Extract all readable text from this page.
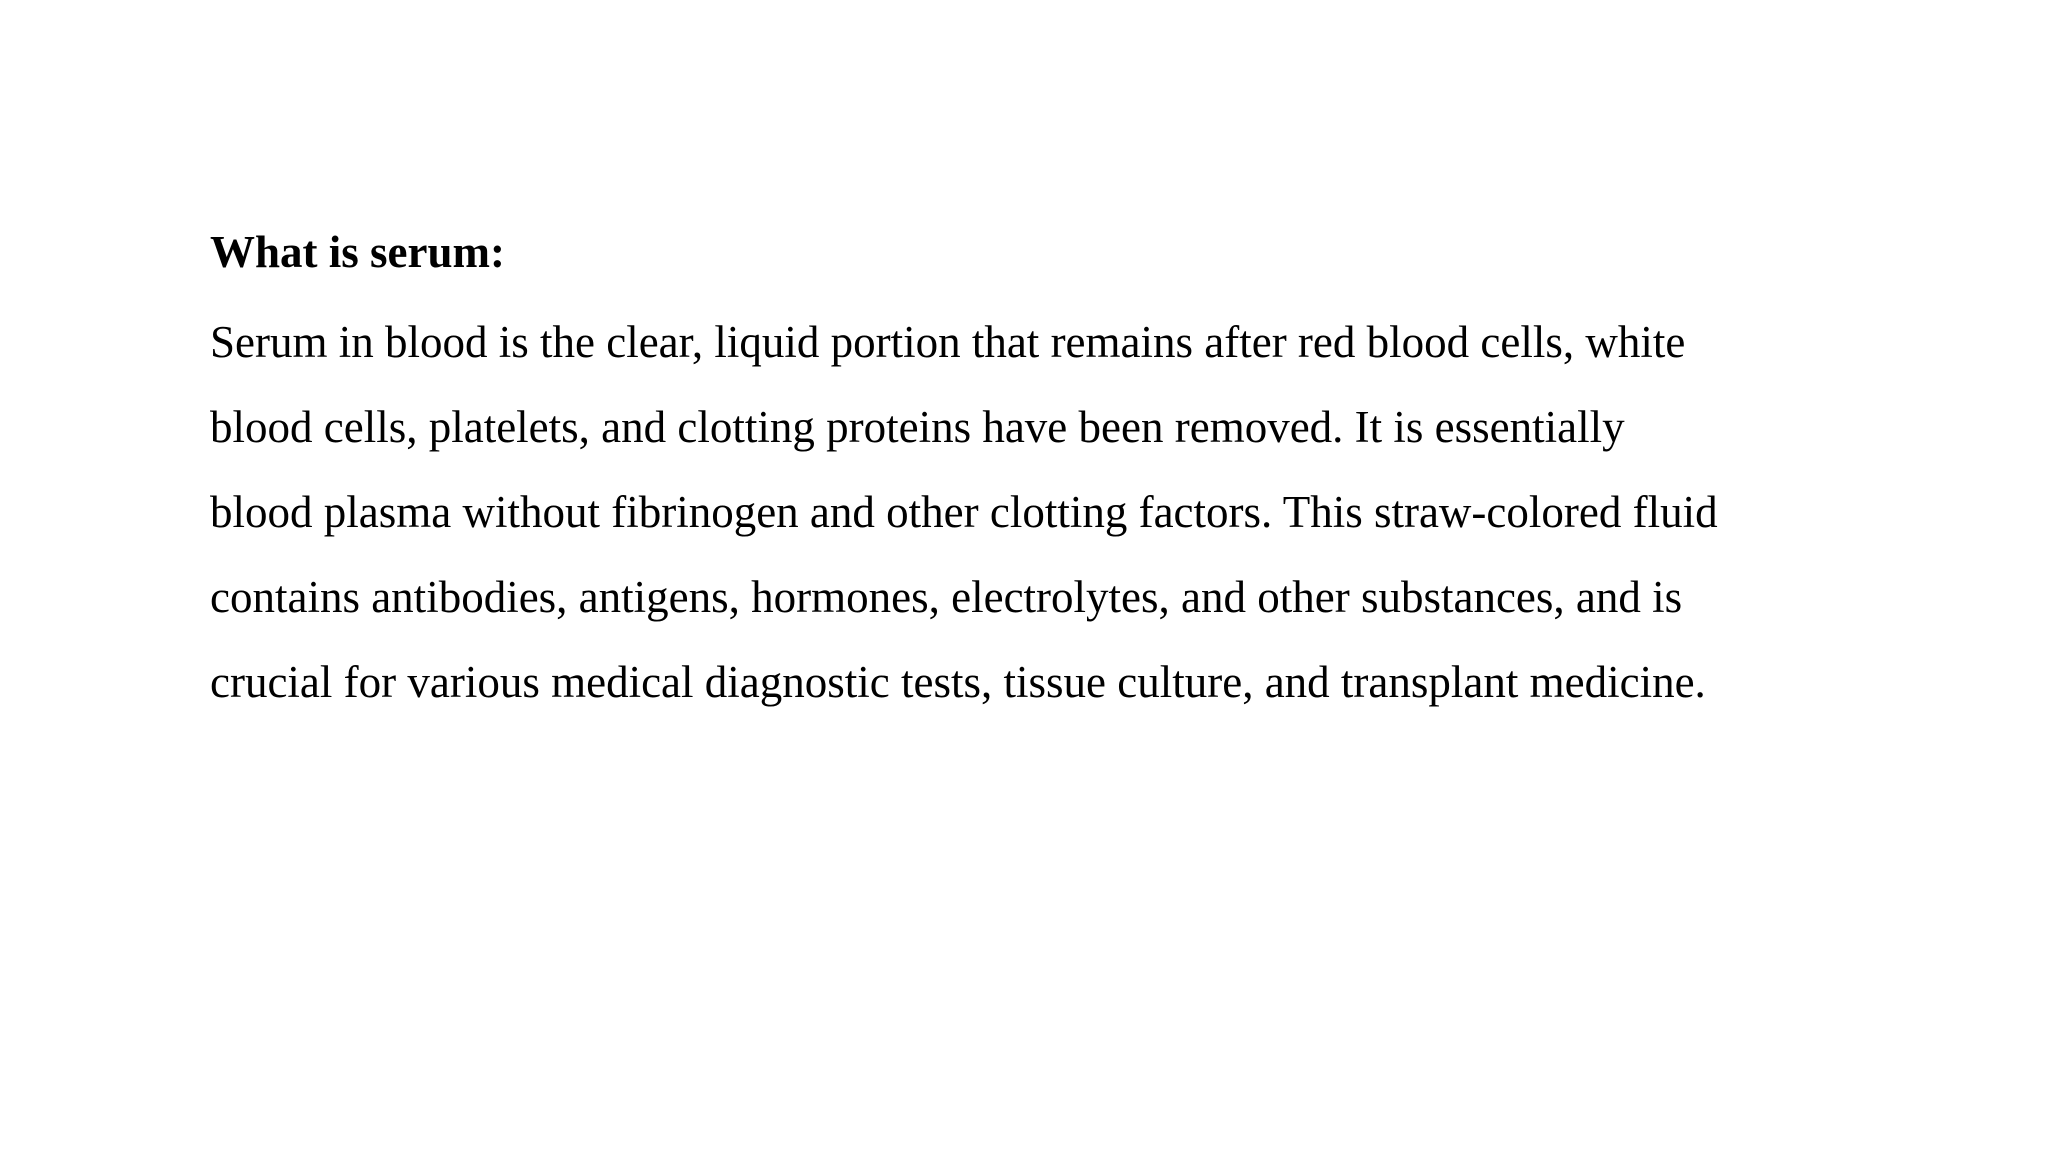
What is serum:

Serum in blood is the clear, liquid portion that remains after red blood cells, white
blood cells, platelets, and clotting proteins have been removed. It is essentially
blood plasma without fibrinogen and other clotting factors. This straw-colored fluid
contains antibodies, antigens, hormones, electrolytes, and other substances, and is
crucial for various medical diagnostic tests, tissue culture, and transplant medicine.
